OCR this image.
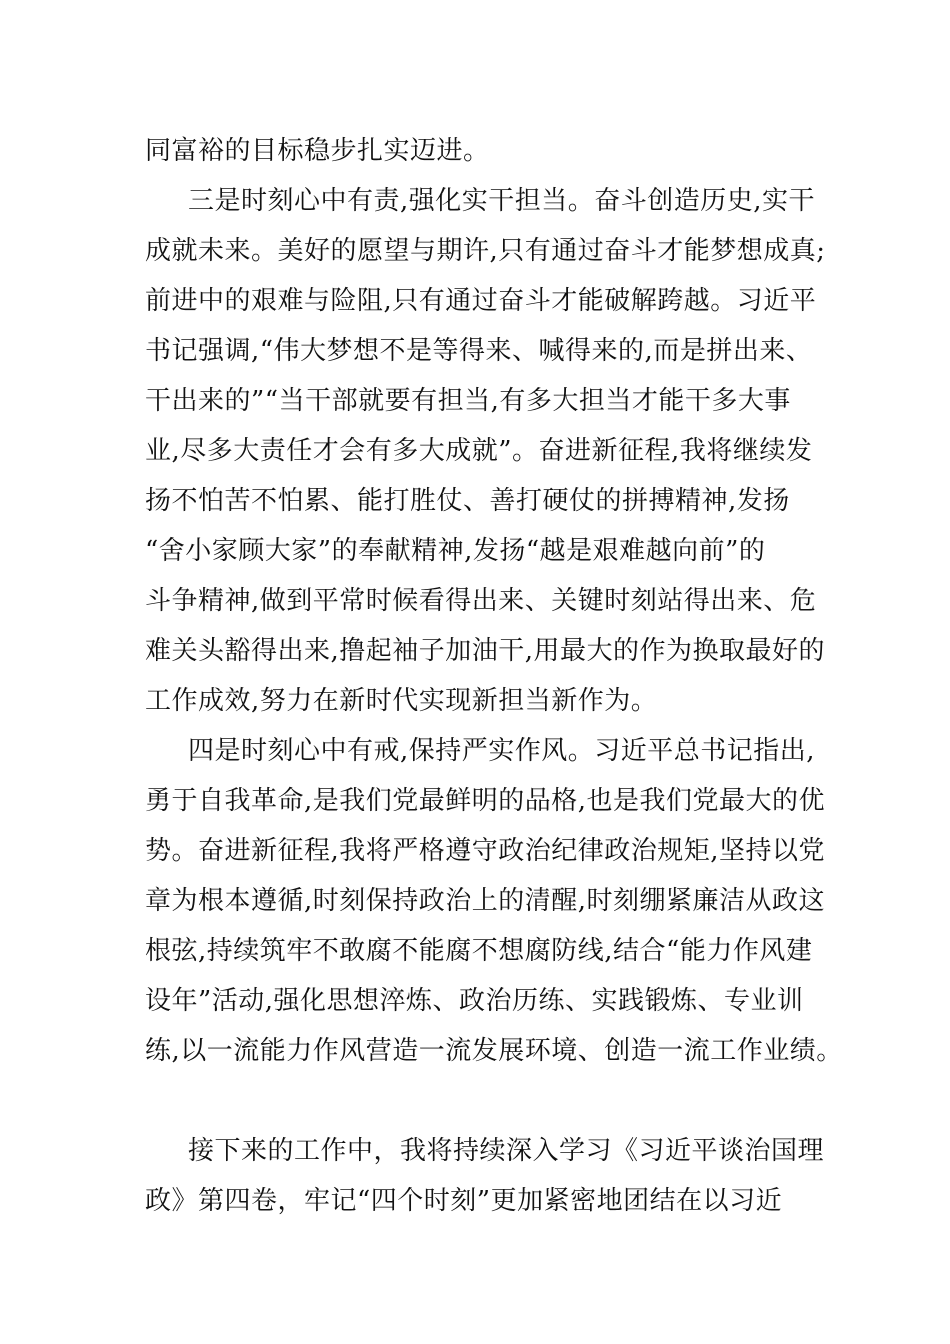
同富裕的目标稳步扎实迈进。
三是时刻心中有责,强化实干担当。奋斗创造历史,实干
成就未来。美好的愿望与期许,只有通过奋斗才能梦想成真;
前进中的艰难与险阻,只有通过奋斗才能破解跨越。习近平
书记强调,“伟大梦想不是等得来、喊得来的,而是拼出来、
干出来的”“当干部就要有担当,有多大担当才能干多大事
业,尽多大责任才会有多大成就”。奋进新征程,我将继续发
扬不怕苦不怕累、能打胜仗、善打硬仗的拼搏精神,发扬
“舍小家顾大家”的奉献精神,发扬“越是艰难越向前”的
斗争精神,做到平常时候看得出来、关键时刻站得出来、危
难关头豁得出来,撸起袖子加油干,用最大的作为换取最好的
工作成效,努力在新时代实现新担当新作为。
四是时刻心中有戒,保持严实作风。习近平总书记指出,
勇于自我革命,是我们党最鲜明的品格,也是我们党最大的优
势。奋进新征程,我将严格遵守政治纪律政治规矩,坚持以党
章为根本遵循,时刻保持政治上的清醒,时刻绷紧廉洁从政这
根弦,持续筑牢不敢腐不能腐不想腐防线,结合“能力作风建
设年”活动,强化思想淬炼、政治历练、实践锻炼、专业训
练,以一流能力作风营造一流发展环境、创造一流工作业绩。
接下来的工作中，我将持续深入学习《习近平谈治国理
政》第四卷，牢记“四个时刻”更加紧密地团结在以习近
